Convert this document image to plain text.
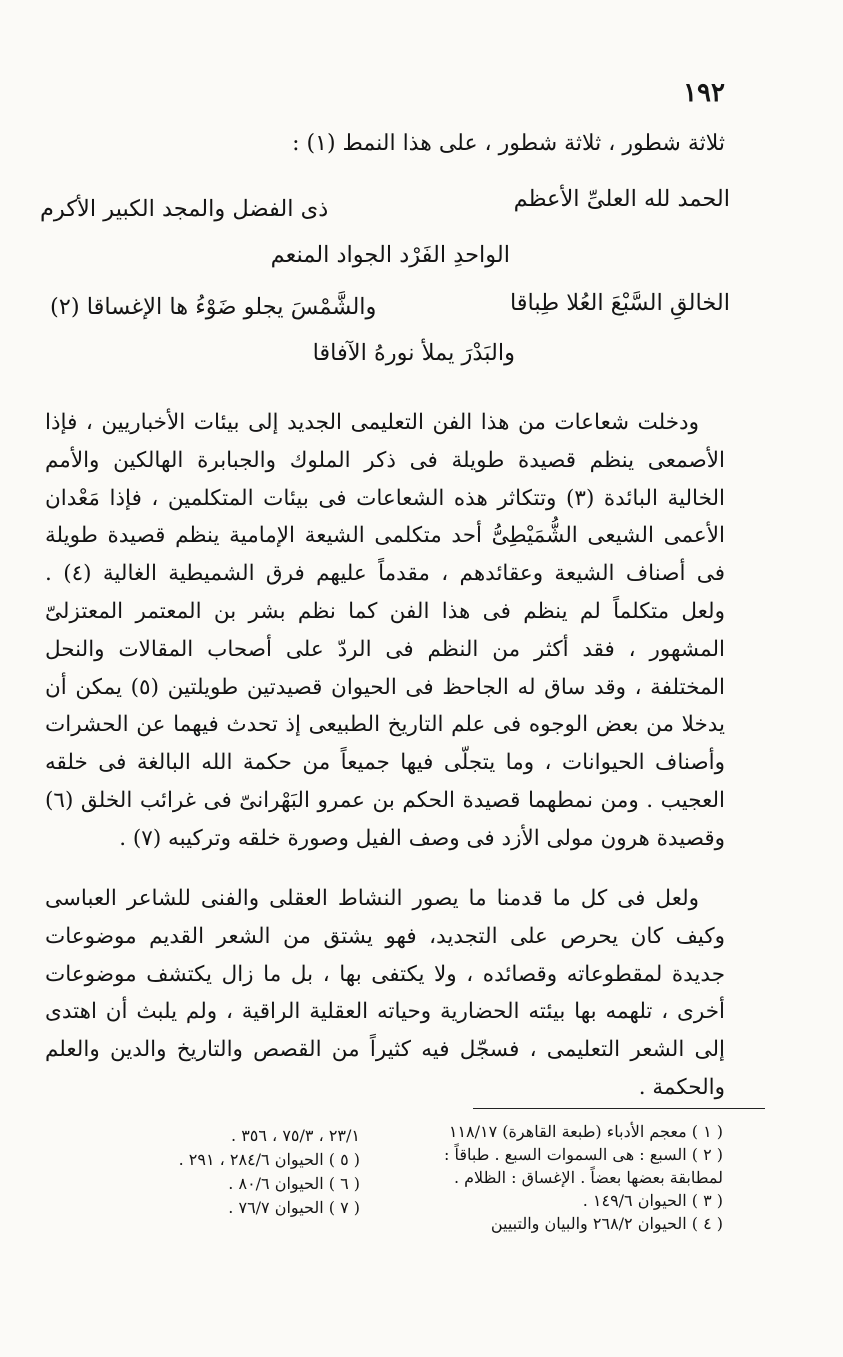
١٩٢
ثلاثة شطور ، ثلاثة شطور ، على هذا النمط (١) :
الحمد لله العلىِّ الأعظم
ذى الفضل والمجد الكبير الأكرم
الواحدِ الفَرْد الجواد المنعم
الخالقِ السَّبْعَ العُلا طِباقا
والشَّمْسَ يجلو ضَوْءُ ها الإغساقا (٢)
والبَدْرَ يملأ نورهُ الآفاقا

ودخلت شعاعات من هذا الفن التعليمى الجديد إلى بيئات الأخباريين ، فإذا الأصمعى ينظم قصيدة طويلة فى ذكر الملوك والجبابرة الهالكين والأمم الخالية البائدة (٣) وتتكاثر هذه الشعاعات فى بيئات المتكلمين ، فإذا مَعْدان الأعمى الشيعى الشُّمَيْطِىُّ أحد متكلمى الشيعة الإمامية ينظم قصيدة طويلة فى أصناف الشيعة وعقائدهم ، مقدماً عليهم فرق الشميطية الغالية (٤) . ولعل متكلماً لم ينظم فى هذا الفن كما نظم بشر بن المعتمر المعتزلىّ المشهور ، فقد أكثر من النظم فى الردّ على أصحاب المقالات والنحل المختلفة ، وقد ساق له الجاحظ فى الحيوان قصيدتين طويلتين (٥) يمكن أن يدخلا من بعض الوجوه فى علم التاريخ الطبيعى إذ تحدث فيهما عن الحشرات وأصناف الحيوانات ، وما يتجلّى فيها جميعاً من حكمة الله البالغة فى خلقه العجيب . ومن نمطهما قصيدة الحكم بن عمرو البَهْرانىّ فى غرائب الخلق (٦) وقصيدة هرون مولى الأزد فى وصف الفيل وصورة خلقه وتركيبه (٧) .

ولعل فى كل ما قدمنا ما يصور النشاط العقلى والفنى للشاعر العباسى وكيف كان يحرص على التجديد، فهو يشتق من الشعر القديم موضوعات جديدة لمقطوعاته وقصائده ، ولا يكتفى بها ، بل ما زال يكتشف موضوعات أخرى ، تلهمه بها بيئته الحضارية وحياته العقلية الراقية ، ولم يلبث أن اهتدى إلى الشعر التعليمى ، فسجّل فيه كثيراً من القصص والتاريخ والدين والعلم والحكمة .

( ١ ) معجم الأدباء (طبعة القاهرة) ١١٨/١٧
( ٢ ) السبع : هى السموات السبع . طباقاً :
لمطابقة بعضها بعضاً . الإغساق : الظلام .
( ٣ ) الحيوان ١٤٩/٦ .
( ٤ ) الحيوان ٢٦٨/٢ والبيان والتبيين
٢٣/١ ، ٧٥/٣ ، ٣٥٦ .
( ٥ ) الحيوان ٢٨٤/٦ ، ٢٩١ .
( ٦ ) الحيوان ٨٠/٦ .
( ٧ ) الحيوان ٧٦/٧ .
